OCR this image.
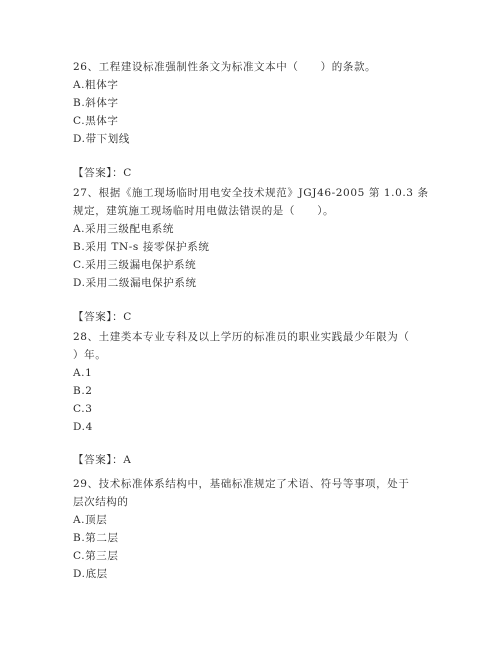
26、工程建设标准强制性条文为标准文本中（　　）的条款。
A.粗体字
B.斜体字
C.黑体字
D.带下划线
【答案】：C
27、根据《施工现场临时用电安全技术规范》JGJ46-2005 第 1.0.3 条
规定，建筑施工现场临时用电做法错误的是（　　）。
A.采用三级配电系统
B.采用 TN-s 接零保护系统
C.采用三级漏电保护系统
D.采用二级漏电保护系统
【答案】：C
28、土建类本专业专科及以上学历的标准员的职业实践最少年限为（
）年。
A.1
B.2
C.3
D.4
【答案】：A
29、技术标准体系结构中，基础标准规定了术语、符号等事项，处于
层次结构的
A.顶层
B.第二层
C.第三层
D.底层
